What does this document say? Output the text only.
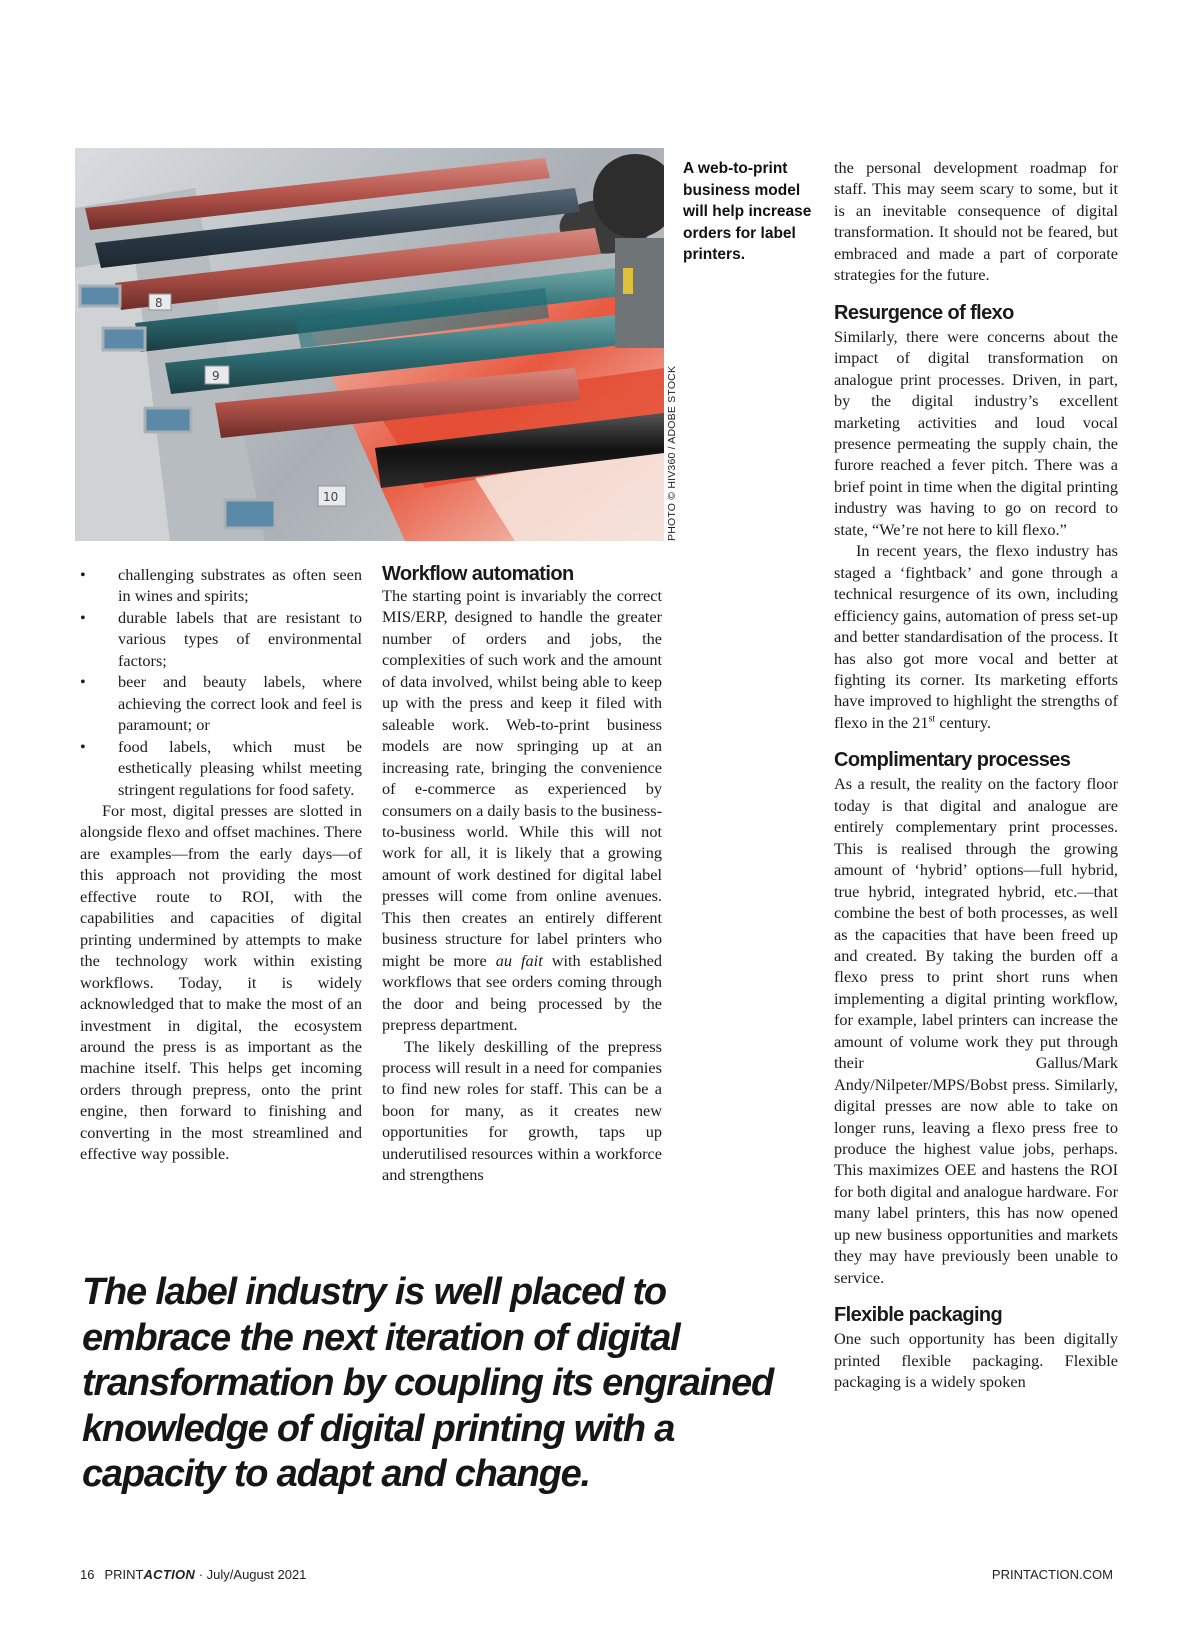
8
9
10	PHOTO © HIV360 / ADOBE STOCK
A web-to-print business model will help increase orders for label printers.
•	challenging substrates as often seen in wines and spirits;
•	durable labels that are resistant to various types of environmental factors;
•	beer and beauty labels, where achieving the correct look and feel is paramount; or
•	food labels, which must be esthetically pleasing whilst meeting stringent regulations for food safety.

For most, digital presses are slotted in alongside flexo and offset machines. There are examples—from the early days—of this approach not providing the most effective route to ROI, with the capabilities and capacities of digital printing undermined by attempts to make the technology work within existing workflows. Today, it is widely acknowledged that to make the most of an investment in digital, the ecosystem around the press is as important as the machine itself. This helps get incoming orders through prepress, onto the print engine, then forward to finishing and converting in the most streamlined and effective way possible.

Workflow automation

The starting point is invariably the correct MIS/ERP, designed to handle the greater number of orders and jobs, the complexities of such work and the amount of data involved, whilst being able to keep up with the press and keep it filed with saleable work. Web-to-print business models are now springing up at an increasing rate, bringing the convenience of e-commerce as experienced by consumers on a daily basis to the business-to-business world. While this will not work for all, it is likely that a growing amount of work destined for digital label presses will come from online avenues. This then creates an entirely different business structure for label printers who might be more au fait with established workflows that see orders coming through the door and being processed by the prepress department.

The likely deskilling of the prepress process will result in a need for companies to find new roles for staff. This can be a boon for many, as it creates new opportunities for growth, taps up underutilised resources within a workforce and strengthens

the personal development roadmap for staff. This may seem scary to some, but it is an inevitable consequence of digital transformation. It should not be feared, but embraced and made a part of corporate strategies for the future.

Resurgence of flexo

Similarly, there were concerns about the impact of digital transformation on analogue print processes. Driven, in part, by the digital industry’s excellent marketing activities and loud vocal presence permeating the supply chain, the furore reached a fever pitch. There was a brief point in time when the digital printing industry was having to go on record to state, “We’re not here to kill flexo.”

In recent years, the flexo industry has staged a ‘fightback’ and gone through a technical resurgence of its own, including efficiency gains, automation of press set-up and better standardisation of the process. It has also got more vocal and better at fighting its corner. Its marketing efforts have improved to highlight the strengths of flexo in the 21st century.

Complimentary processes

As a result, the reality on the factory floor today is that digital and analogue are entirely complementary print processes. This is realised through the growing amount of ‘hybrid’ options—full hybrid, true hybrid, integrated hybrid, etc.—that combine the best of both processes, as well as the capacities that have been freed up and created. By taking the burden off a flexo press to print short runs when implementing a digital printing workflow, for example, label printers can increase the amount of volume work they put through their Gallus/Mark Andy/Nilpeter/MPS/Bobst press. Similarly, digital presses are now able to take on longer runs, leaving a flexo press free to produce the highest value jobs, perhaps. This maximizes OEE and hastens the ROI for both digital and analogue hardware. For many label printers, this has now opened up new business opportunities and markets they may have previously been unable to service.

Flexible packaging

One such opportunity has been digitally printed flexible packaging. Flexible packaging is a widely spoken

The label industry is well placed to embrace the next iteration of digital transformation by coupling its engrained knowledge of digital printing with a capacity to adapt and change.
16 PRINTACTION · July/August 2021	PRINTACTION.COM
